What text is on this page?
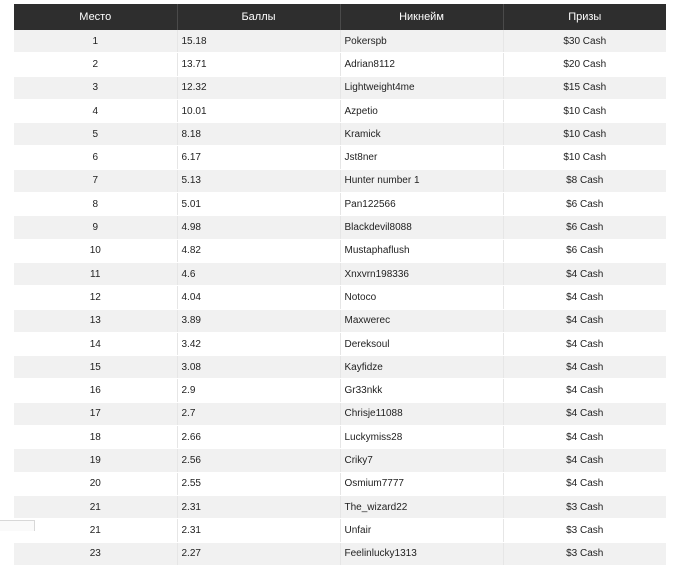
Место	Баллы	Никнейм	Призы
1	15.18	Pokerspb	$30 Cash
2	13.71	Adrian8112	$20 Cash
3	12.32	Lightweight4me	$15 Cash
4	10.01	Azpetio	$10 Cash
5	8.18	Kramick	$10 Cash
6	6.17	Jst8ner	$10 Cash
7	5.13	Hunter number 1	$8 Cash
8	5.01	Pan122566	$6 Cash
9	4.98	Blackdevil8088	$6 Cash
10	4.82	Mustaphaflush	$6 Cash
11	4.6	Xnxvrn198336	$4 Cash
12	4.04	Notoco	$4 Cash
13	3.89	Maxwerec	$4 Cash
14	3.42	Dereksoul	$4 Cash
15	3.08	Kayfidze	$4 Cash
16	2.9	Gr33nkk	$4 Cash
17	2.7	Chrisje11088	$4 Cash
18	2.66	Luckymiss28	$4 Cash
19	2.56	Criky7	$4 Cash
20	2.55	Osmium7777	$4 Cash
21	2.31	The_wizard22	$3 Cash
21	2.31	Unfair	$3 Cash
23	2.27	Feelinlucky1313	$3 Cash
